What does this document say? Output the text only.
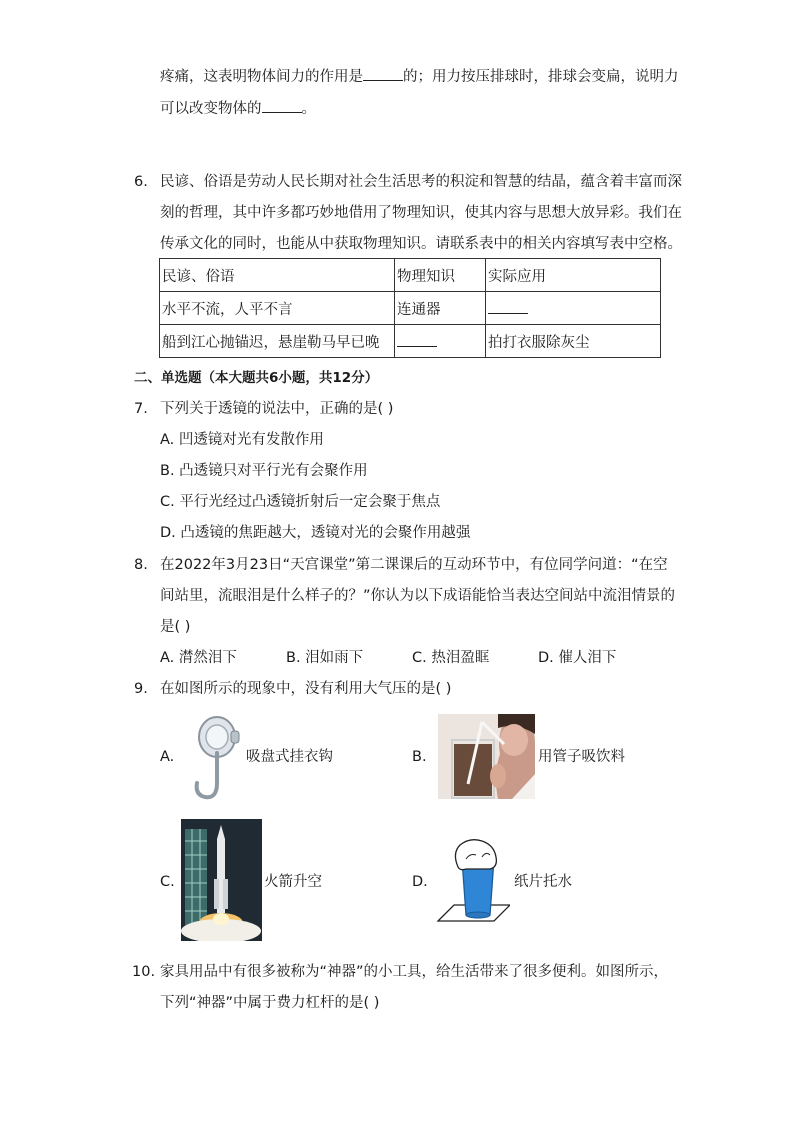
疼痛，这表明物体间力的作用是	的；用力按压排球时，排球会变扁，说明力
可以改变物体的	。
6. 民谚、俗语是劳动人民长期对社会生活思考的积淀和智慧的结晶，蕴含着丰富而深
刻的哲理，其中许多都巧妙地借用了物理知识，使其内容与思想大放异彩。我们在
传承文化的同时，也能从中获取物理知识。请联系表中的相关内容填写表中空格。
民谚、俗语	物理知识	实际应用
水平不流，人平不言	连通器	
船到江心抛锚迟，悬崖勒马早已晚		拍打衣服除灰尘
二、单选题（本大题共6小题，共12分）
7. 下列关于透镜的说法中，正确的是( )
A. 凹透镜对光有发散作用
B. 凸透镜只对平行光有会聚作用
C. 平行光经过凸透镜折射后一定会聚于焦点
D. 凸透镜的焦距越大，透镜对光的会聚作用越强
8. 在2022年3月23日“天宫课堂”第二课课后的互动环节中，有位同学问道：“在空
间站里，流眼泪是什么样子的？”你认为以下成语能恰当表达空间站中流泪情景的
是( )
A. 潸然泪下	B. 泪如雨下	C. 热泪盈眶	D. 催人泪下
9. 在如图所示的现象中，没有利用大气压的是( )
A.	吸盘式挂衣钩	B.	用管子吸饮料
C.	火箭升空	D.	纸片托水
10. 家具用品中有很多被称为“神器”的小工具，给生活带来了很多便利。如图所示，
下列“神器”中属于费力杠杆的是( )
